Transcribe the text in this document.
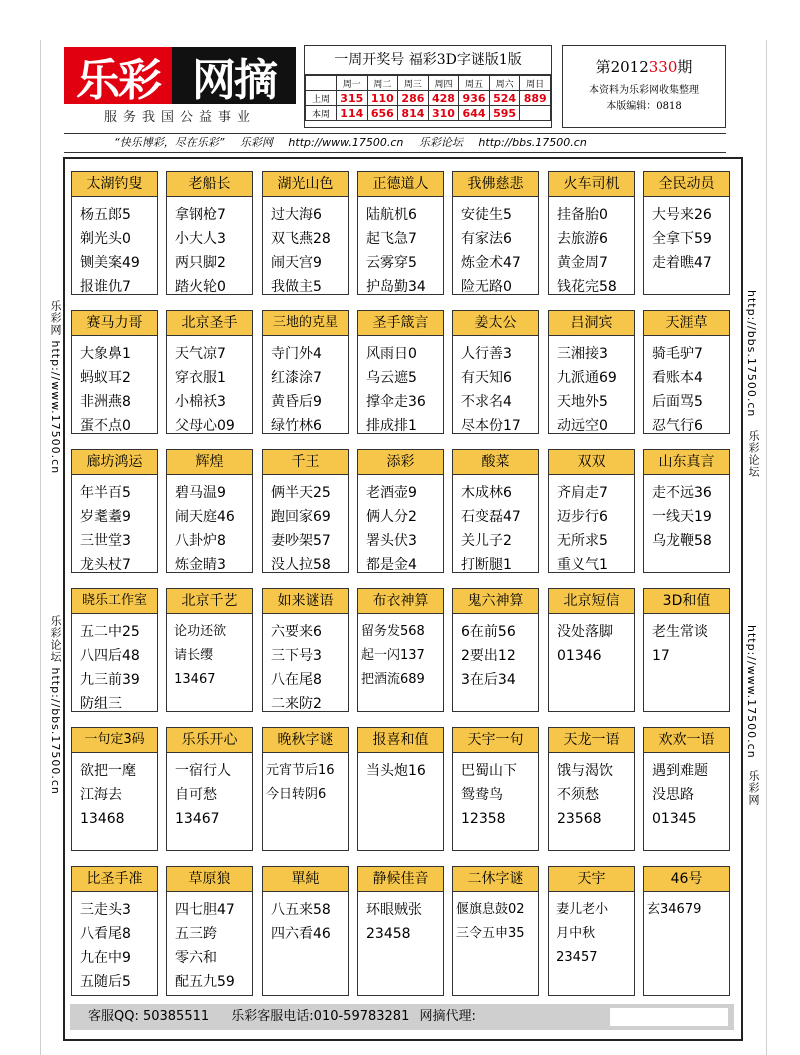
乐彩 网摘
服务我国公益事业
一周开奖号 福彩3D字谜版1版
	周一	周二	周三	周四	周五	周六	周日
上周	315	110	286	428	936	524	889
本周	114	656	814	310	644	595	
第2012330期
本资料为乐彩网收集整理
本版编辑：0818
“快乐博彩，尽在乐彩” 乐彩网 http://www.17500.cn 乐彩论坛 http://bbs.17500.cn
乐彩网 http://www.17500.cn
乐彩论坛 http://bbs.17500.cn
http://bbs.17500.cn
乐彩论坛
http://www.17500.cn
乐彩网
太湖钓叟
杨五郎5
剃光头0
铡美案49
报谁仇7
老船长
拿钢枪7
小大人3
两只脚2
踏火轮0
湖光山色
过大海6
双飞燕28
闹天宫9
我做主5
正德道人
陆航机6
起飞急7
云雾穿5
护岛勤34
我佛慈悲
安徒生5
有家法6
炼金术47
险无路0
火车司机
挂备胎0
去旅游6
黄金周7
钱花完58
全民动员
大号来26
全拿下59
走着瞧47
赛马力哥
大象鼻1
蚂蚁耳2
非洲燕8
蛋不点0
北京圣手
天气凉7
穿衣服1
小棉袄3
父母心09
三地的克星
寺门外4
红漆涂7
黄昏后9
绿竹林6
圣手箴言
风雨日0
乌云遮5
撑伞走36
排成排1
姜太公
人行善3
有天知6
不求名4
尽本份17
吕洞宾
三湘接3
九派通69
天地外5
动远空0
天涯草
骑毛驴7
看账本4
后面骂5
忍气行6
廊坊鸿运
年半百5
岁耄耋9
三世堂3
龙头杖7
辉煌
碧马温9
闹天庭46
八卦炉8
炼金睛3
千王
俩半天25
跑回家69
妻吵架57
没人拉58
添彩
老酒壶9
俩人分2
署头伏3
都是金4
酸菜
木成林6
石变磊47
关儿子2
打断腿1
双双
齐肩走7
迈步行6
无所求5
重义气1
山东真言
走不远36
一线天19
乌龙鞭58
晓乐工作室
五二中25
八四后48
九三前39
防组三
北京千艺
论功还欲
请长缨
13467
如来谜语
六要来6
三下号3
八在尾8
二来防2
布衣神算
留务发568
起一闪137
把酒流689
鬼六神算
6在前56
2要出12
3在后34
北京短信
没处落脚
01346
3D和值
老生常谈
17
一句定3码
欲把一麾
江海去
13468
乐乐开心
一宿行人
自可愁
13467
晚秋字谜
元宵节后16
今日转阴6
报喜和值
当头炮16
天宇一句
巴蜀山下
鸳鸯鸟
12358
天龙一语
饿与渴饮
不须愁
23568
欢欢一语
遇到难题
没思路
01345
比圣手准
三走头3
八看尾8
九在中9
五随后5
草原狼
四七胆47
五三跨
零六和
配五九59
單純
八五来58
四六看46
静候佳音
环眼贼张
23458
二休字谜
偃旗息鼓02
三令五申35
天宇
妻儿老小
月中秋
23457
46号
玄34679
客服QQ: 50385511 乐彩客服电话:010-59783281 网摘代理:
